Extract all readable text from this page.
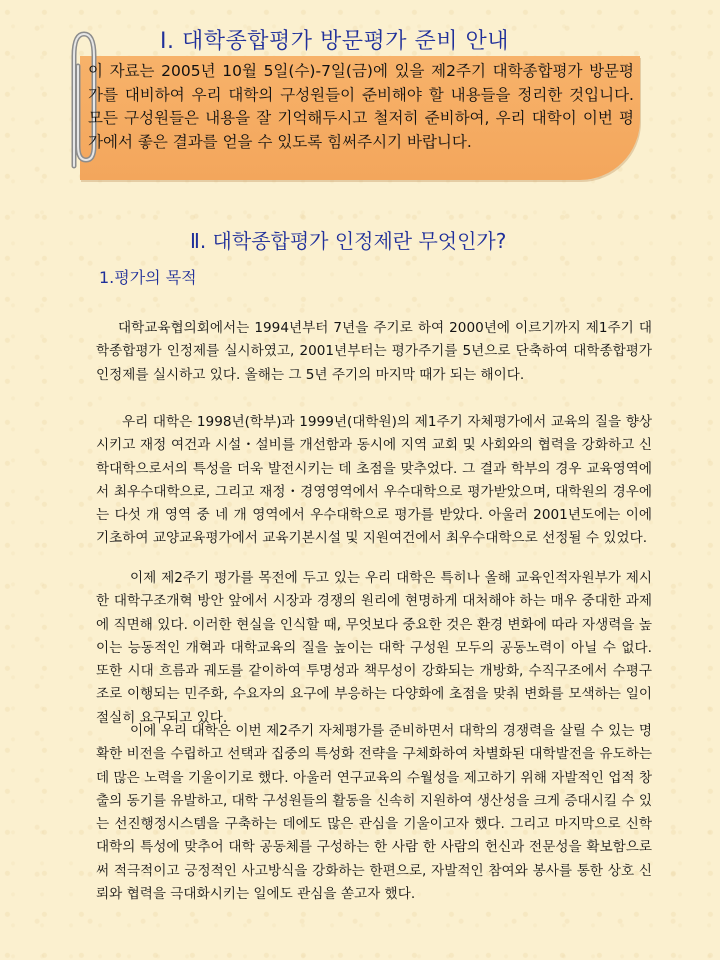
Ⅰ. 대학종합평가 방문평가 준비 안내

이 자료는 2005년 10월 5일(수)-7일(금)에 있을 제2주기 대학종합평가 방문평가를 대비하여 우리 대학의 구성원들이 준비해야 할 내용들을 정리한 것입니다. 모든 구성원들은 내용을 잘 기억해두시고 철저히 준비하여, 우리 대학이 이번 평가에서 좋은 결과를 얻을 수 있도록 힘써주시기 바랍니다.

Ⅱ. 대학종합평가 인정제란 무엇인가?
1.평가의 목적

대학교육협의회에서는 1994년부터 7년을 주기로 하여 2000년에 이르기까지 제1주기 대학종합평가 인정제를 실시하였고, 2001년부터는 평가주기를 5년으로 단축하여 대학종합평가 인정제를 실시하고 있다. 올해는 그 5년 주기의 마지막 때가 되는 해이다.

우리 대학은 1998년(학부)과 1999년(대학원)의 제1주기 자체평가에서 교육의 질을 향상시키고 재정 여건과 시설・설비를 개선함과 동시에 지역 교회 및 사회와의 협력을 강화하고 신학대학으로서의 특성을 더욱 발전시키는 데 초점을 맞추었다. 그 결과 학부의 경우 교육영역에서 최우수대학으로, 그리고 재정・경영영역에서 우수대학으로 평가받았으며, 대학원의 경우에는 다섯 개 영역 중 네 개 영역에서 우수대학으로 평가를 받았다. 아울러 2001년도에는 이에 기초하여 교양교육평가에서 교육기본시설 및 지원여건에서 최우수대학으로 선정될 수 있었다.

이제 제2주기 평가를 목전에 두고 있는 우리 대학은 특히나 올해 교육인적자원부가 제시한 대학구조개혁 방안 앞에서 시장과 경쟁의 원리에 현명하게 대처해야 하는 매우 중대한 과제에 직면해 있다. 이러한 현실을 인식할 때, 무엇보다 중요한 것은 환경 변화에 따라 자생력을 높이는 능동적인 개혁과 대학교육의 질을 높이는 대학 구성원 모두의 공동노력이 아닐 수 없다. 또한 시대 흐름과 궤도를 같이하여 투명성과 책무성이 강화되는 개방화, 수직구조에서 수평구조로 이행되는 민주화, 수요자의 요구에 부응하는 다양화에 초점을 맞춰 변화를 모색하는 일이 절실히 요구되고 있다.

이에 우리 대학은 이번 제2주기 자체평가를 준비하면서 대학의 경쟁력을 살릴 수 있는 명확한 비전을 수립하고 선택과 집중의 특성화 전략을 구체화하여 차별화된 대학발전을 유도하는 데 많은 노력을 기울이기로 했다. 아울러 연구교육의 수월성을 제고하기 위해 자발적인 업적 창출의 동기를 유발하고, 대학 구성원들의 활동을 신속히 지원하여 생산성을 크게 증대시킬 수 있는 선진행정시스템을 구축하는 데에도 많은 관심을 기울이고자 했다. 그리고 마지막으로 신학대학의 특성에 맞추어 대학 공동체를 구성하는 한 사람 한 사람의 헌신과 전문성을 확보함으로써 적극적이고 긍정적인 사고방식을 강화하는 한편으로, 자발적인 참여와 봉사를 통한 상호 신뢰와 협력을 극대화시키는 일에도 관심을 쏟고자 했다.
